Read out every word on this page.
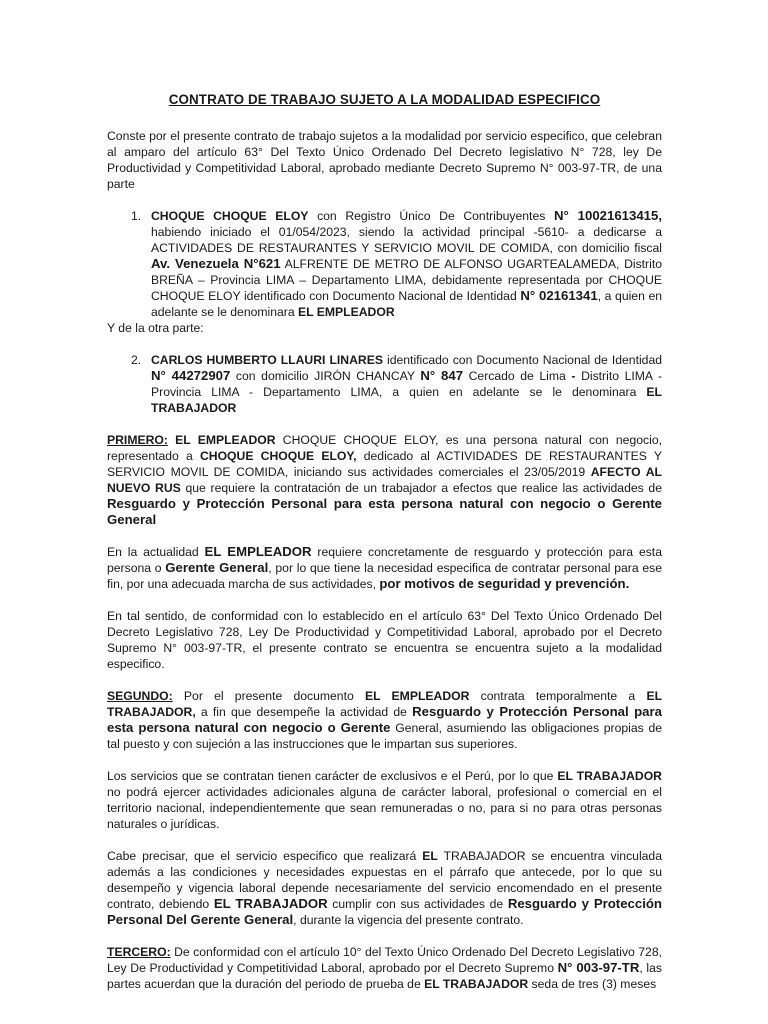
CONTRATO DE TRABAJO SUJETO A LA MODALIDAD ESPECIFICO

Conste por el presente contrato de trabajo sujetos a la modalidad por servicio especifico, que celebran al amparo del artículo 63° Del Texto Único Ordenado Del Decreto legislativo N° 728, ley De Productividad y Competitividad Laboral, aprobado mediante Decreto Supremo N° 003-97-TR, de una parte

1. CHOQUE CHOQUE ELOY con Registro Único De Contribuyentes N° 10021613415, habiendo iniciado el 01/054/2023, siendo la actividad principal -5610- a dedicarse a ACTIVIDADES DE RESTAURANTES Y SERVICIO MOVIL DE COMIDA, con domicilio fiscal Av. Venezuela N°621 ALFRENTE DE METRO DE ALFONSO UGARTEALAMEDA, Distrito BREÑA – Provincia LIMA – Departamento LIMA, debidamente representada por CHOQUE CHOQUE ELOY identificado con Documento Nacional de Identidad N° 02161341, a quien en adelante se le denominara EL EMPLEADOR

Y de la otra parte:

2. CARLOS HUMBERTO LLAURI LINARES identificado con Documento Nacional de Identidad N° 44272907 con domicilio JIRÓN CHANCAY N° 847 Cercado de Lima - Distrito LIMA - Provincia LIMA - Departamento LIMA, a quien en adelante se le denominara EL TRABAJADOR

PRIMERO: EL EMPLEADOR CHOQUE CHOQUE ELOY, es una persona natural con negocio, representado a CHOQUE CHOQUE ELOY, dedicado al ACTIVIDADES DE RESTAURANTES Y SERVICIO MOVIL DE COMIDA, iniciando sus actividades comerciales el 23/05/2019 AFECTO AL NUEVO RUS que requiere la contratación de un trabajador a efectos que realice las actividades de Resguardo y Protección Personal para esta persona natural con negocio o Gerente General

En la actualidad EL EMPLEADOR requiere concretamente de resguardo y protección para esta persona o Gerente General, por lo que tiene la necesidad especifica de contratar personal para ese fin, por una adecuada marcha de sus actividades, por motivos de seguridad y prevención.

En tal sentido, de conformidad con lo establecido en el artículo 63° Del Texto Único Ordenado Del Decreto Legislativo 728, Ley De Productividad y Competitividad Laboral, aprobado por el Decreto Supremo N° 003-97-TR, el presente contrato se encuentra se encuentra sujeto a la modalidad especifico.

SEGUNDO: Por el presente documento EL EMPLEADOR contrata temporalmente a EL TRABAJADOR, a fin que desempeñe la actividad de Resguardo y Protección Personal para esta persona natural con negocio o Gerente General, asumiendo las obligaciones propias de tal puesto y con sujeción a las instrucciones que le impartan sus superiores.

Los servicios que se contratan tienen carácter de exclusivos e el Perú, por lo que EL TRABAJADOR no podrá ejercer actividades adicionales alguna de carácter laboral, profesional o comercial en el territorio nacional, independientemente que sean remuneradas o no, para si no para otras personas naturales o jurídicas.

Cabe precisar, que el servicio especifico que realizará EL TRABAJADOR se encuentra vinculada además a las condiciones y necesidades expuestas en el párrafo que antecede, por lo que su desempeño y vigencia laboral depende necesariamente del servicio encomendado en el presente contrato, debiendo EL TRABAJADOR cumplir con sus actividades de Resguardo y Protección Personal Del Gerente General, durante la vigencia del presente contrato.

TERCERO: De conformidad con el artículo 10° del Texto Único Ordenado Del Decreto Legislativo 728, Ley De Productividad y Competitividad Laboral, aprobado por el Decreto Supremo N° 003-97-TR, las partes acuerdan que la duración del periodo de prueba de EL TRABAJADOR seda de tres (3) meses
